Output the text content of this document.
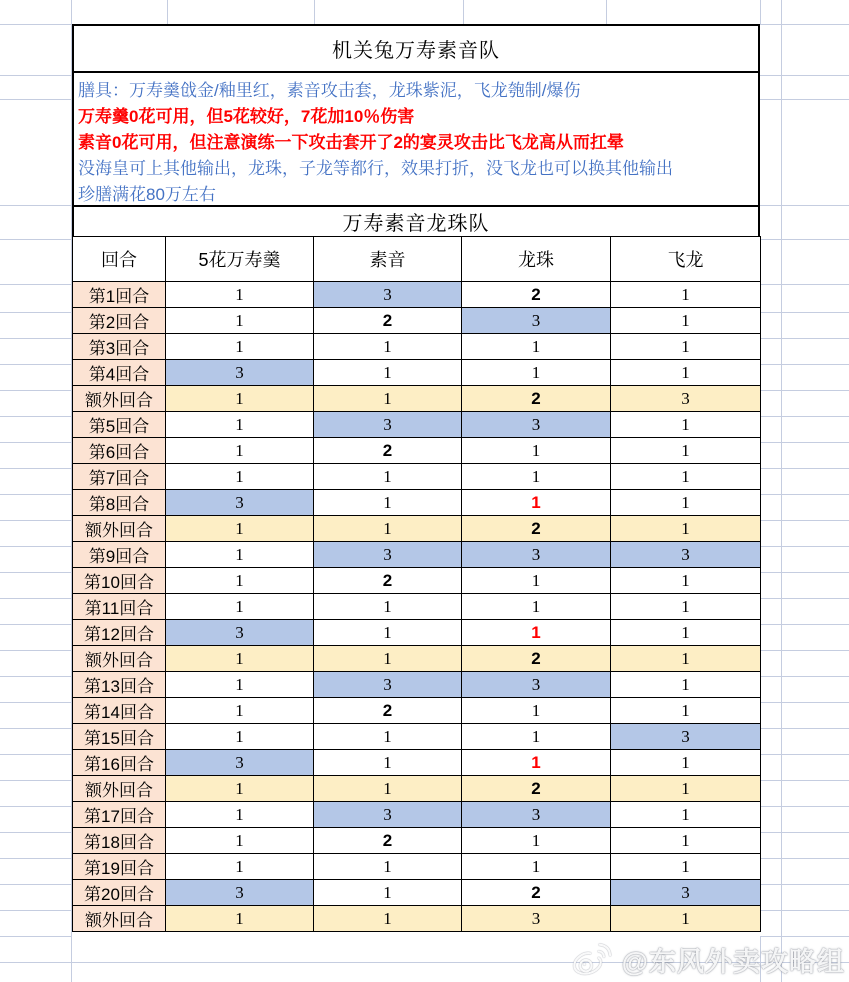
机关兔万寿素音队
膳具：万寿羹戗金/釉里红，素音攻击套，龙珠紫泥，飞龙匏制/爆伤
万寿羹0花可用，但5花较好，7花加10％伤害
素音0花可用，但注意演练一下攻击套开了2的宴灵攻击比飞龙高从而扛晕
没海皇可上其他输出，龙珠，子龙等都行，效果打折，没飞龙也可以换其他输出
珍膳满花80万左右
万寿素音龙珠队
回合	5花万寿羹	素音	龙珠	飞龙
第1回合	1	3	2	1
第2回合	1	2	3	1
第3回合	1	1	1	1
第4回合	3	1	1	1
额外回合	1	1	2	3
第5回合	1	3	3	1
第6回合	1	2	1	1
第7回合	1	1	1	1
第8回合	3	1	1	1
额外回合	1	1	2	1
第9回合	1	3	3	3
第10回合	1	2	1	1
第11回合	1	1	1	1
第12回合	3	1	1	1
额外回合	1	1	2	1
第13回合	1	3	3	1
第14回合	1	2	1	1
第15回合	1	1	1	3
第16回合	3	1	1	1
额外回合	1	1	2	1
第17回合	1	3	3	1
第18回合	1	2	1	1
第19回合	1	1	1	1
第20回合	3	1	2	3
额外回合	1	1	3	1
@东风外卖攻略组
